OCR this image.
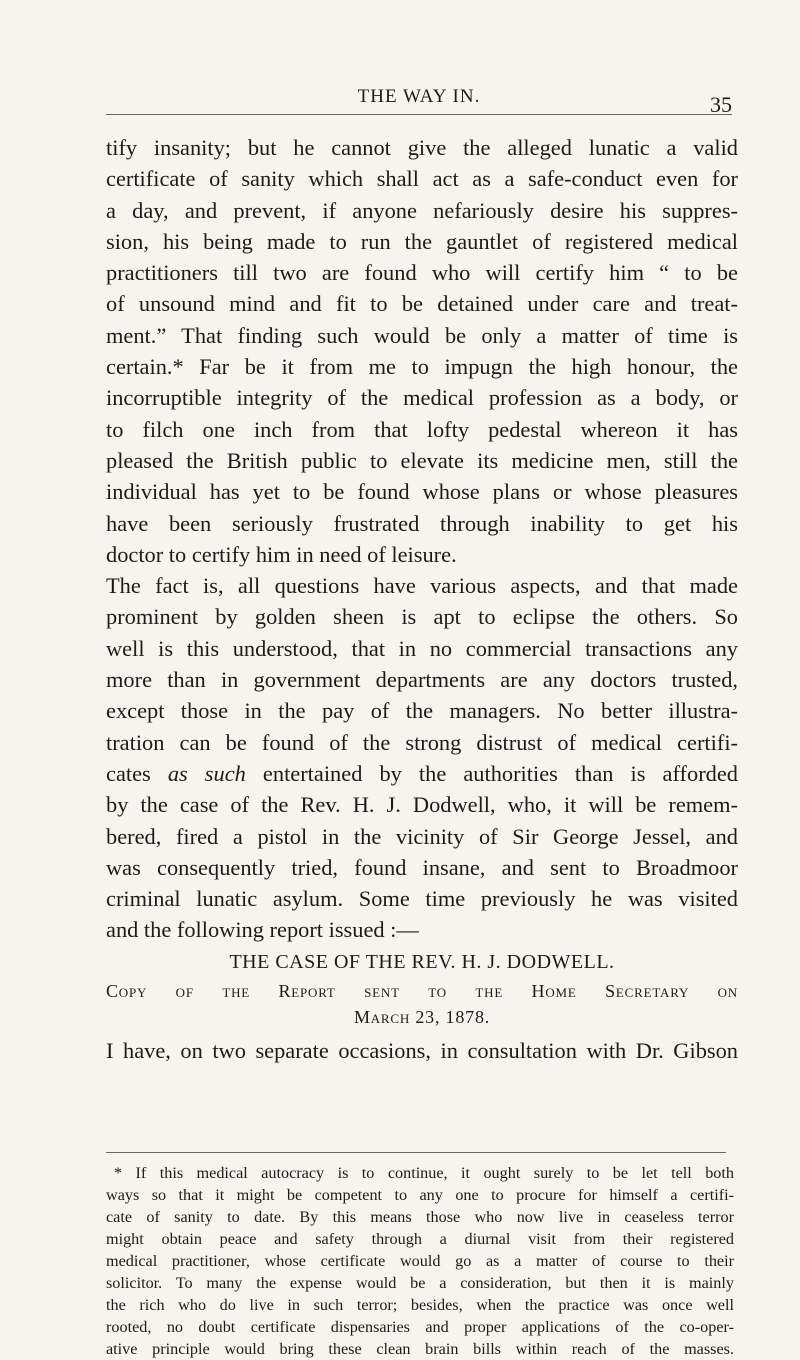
THE WAY IN.	35
tify insanity; but he cannot give the alleged lunatic a valid
certificate of sanity which shall act as a safe-conduct even for
a day, and prevent, if anyone nefariously desire his suppres-
sion, his being made to run the gauntlet of registered medical
practitioners till two are found who will certify him “ to be
of unsound mind and fit to be detained under care and treat-
ment.” That finding such would be only a matter of time is
certain.* Far be it from me to impugn the high honour, the
incorruptible integrity of the medical profession as a body, or
to filch one inch from that lofty pedestal whereon it has
pleased the British public to elevate its medicine men, still the
individual has yet to be found whose plans or whose pleasures
have been seriously frustrated through inability to get his
doctor to certify him in need of leisure.
The fact is, all questions have various aspects, and that made
prominent by golden sheen is apt to eclipse the others. So
well is this understood, that in no commercial transactions any
more than in government departments are any doctors trusted,
except those in the pay of the managers. No better illustra-
tration can be found of the strong distrust of medical certifi-
cates as such entertained by the authorities than is afforded
by the case of the Rev. H. J. Dodwell, who, it will be remem-
bered, fired a pistol in the vicinity of Sir George Jessel, and
was consequently tried, found insane, and sent to Broadmoor
criminal lunatic asylum. Some time previously he was visited
and the following report issued :—
THE CASE OF THE REV. H. J. DODWELL.
Copy of the Report sent to the Home Secretary on
March 23, 1878.
I have, on two separate occasions, in consultation with Dr. Gibson
* If this medical autocracy is to continue, it ought surely to be let tell both
ways so that it might be competent to any one to procure for himself a certifi-
cate of sanity to date. By this means those who now live in ceaseless terror
might obtain peace and safety through a diurnal visit from their registered
medical practitioner, whose certificate would go as a matter of course to their
solicitor. To many the expense would be a consideration, but then it is mainly
the rich who do live in such terror; besides, when the practice was once well
rooted, no doubt certificate dispensaries and proper applications of the co-oper-
ative principle would bring these clean brain bills within reach of the masses.
